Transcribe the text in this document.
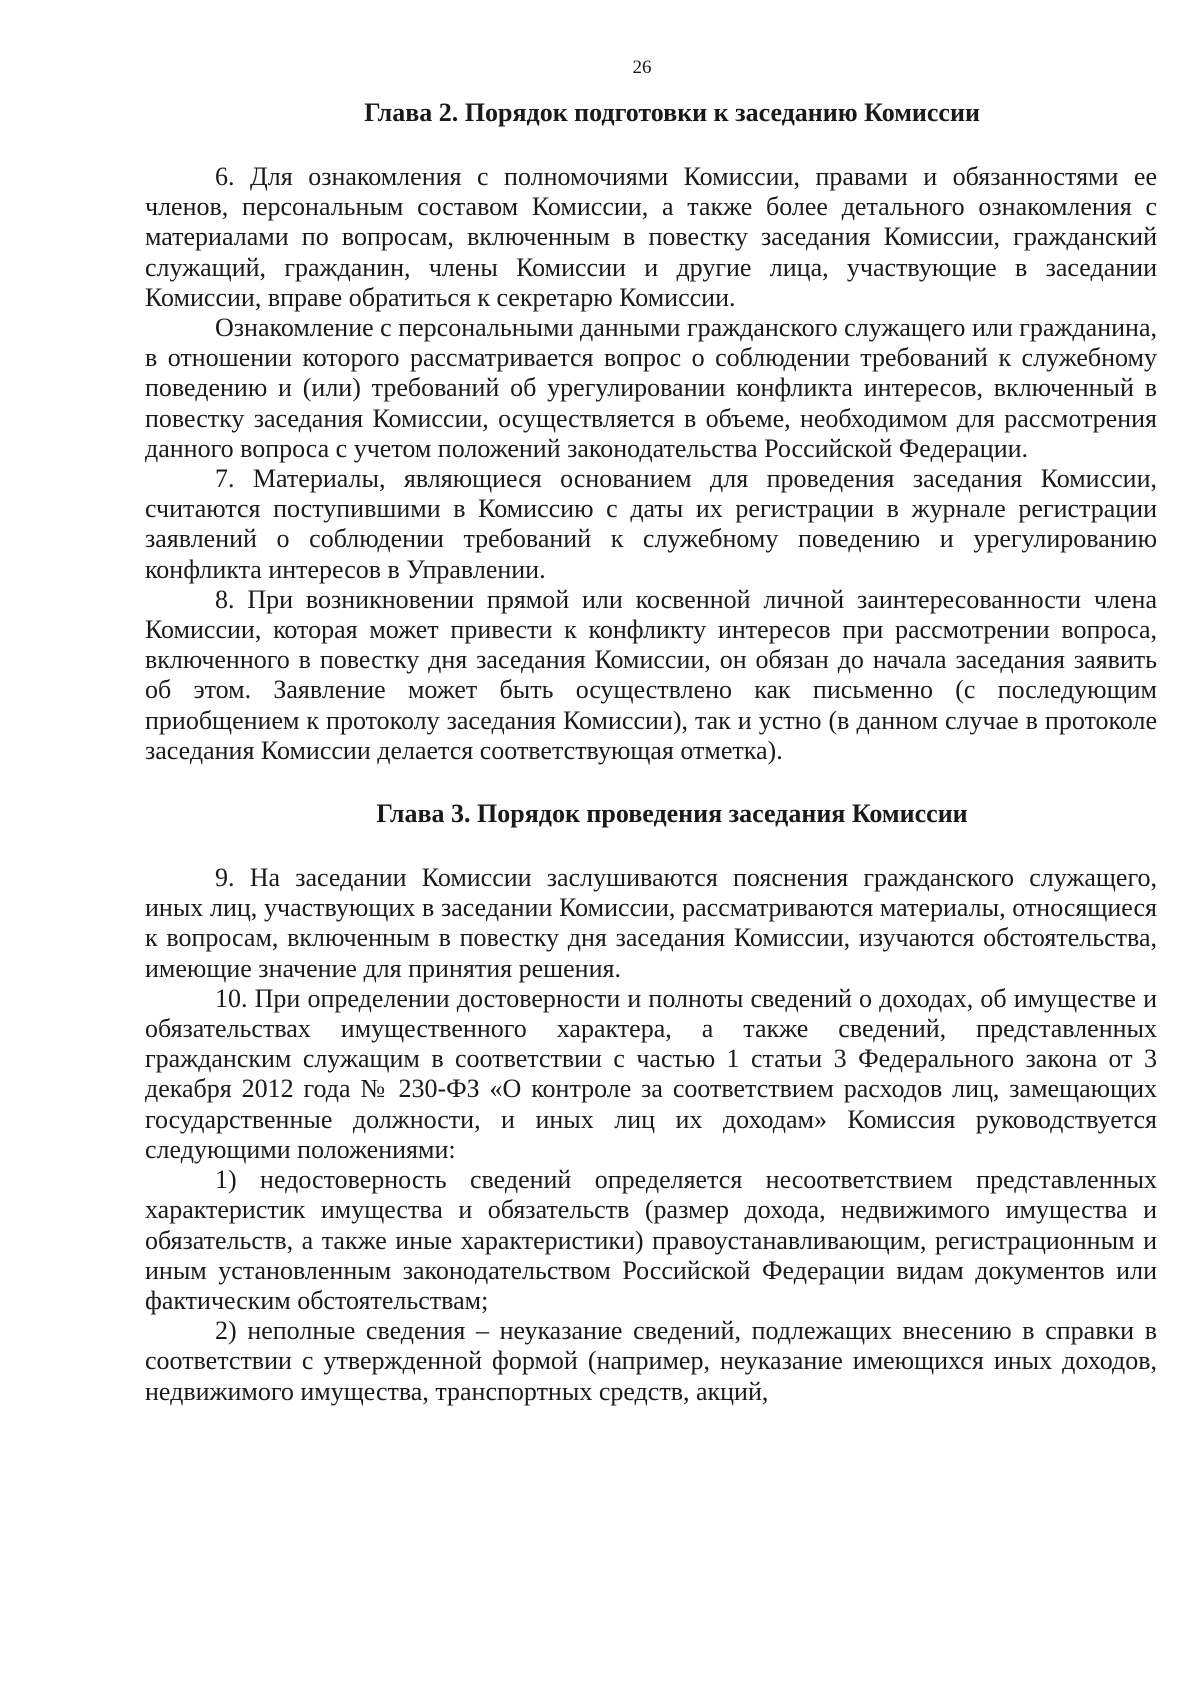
26
Глава 2. Порядок подготовки к заседанию Комиссии

6. Для ознакомления с полномочиями Комиссии, правами и обязанностями ее членов, персональным составом Комиссии, а также более детального ознакомления с материалами по вопросам, включенным в повестку заседания Комиссии, гражданский служащий, гражданин, члены Комиссии и другие лица, участвующие в заседании Комиссии, вправе обратиться к секретарю Комиссии.

Ознакомление с персональными данными гражданского служащего или гражданина, в отношении которого рассматривается вопрос о соблюдении требований к служебному поведению и (или) требований об урегулировании конфликта интересов, включенный в повестку заседания Комиссии, осуществляется в объеме, необходимом для рассмотрения данного вопроса с учетом положений законодательства Российской Федерации.

7. Материалы, являющиеся основанием для проведения заседания Комиссии, считаются поступившими в Комиссию с даты их регистрации в журнале регистрации заявлений о соблюдении требований к служебному поведению и урегулированию конфликта интересов в Управлении.

8. При возникновении прямой или косвенной личной заинтересованности члена Комиссии, которая может привести к конфликту интересов при рассмотрении вопроса, включенного в повестку дня заседания Комиссии, он обязан до начала заседания заявить об этом. Заявление может быть осуществлено как письменно (с последующим приобщением к протоколу заседания Комиссии), так и устно (в данном случае в протоколе заседания Комиссии делается соответствующая отметка).

Глава 3. Порядок проведения заседания Комиссии

9. На заседании Комиссии заслушиваются пояснения гражданского служащего, иных лиц, участвующих в заседании Комиссии, рассматриваются материалы, относящиеся к вопросам, включенным в повестку дня заседания Комиссии, изучаются обстоятельства, имеющие значение для принятия решения.

10. При определении достоверности и полноты сведений о доходах, об имуществе и обязательствах имущественного характера, а также сведений, представленных гражданским служащим в соответствии с частью 1 статьи 3 Федерального закона от 3 декабря 2012 года № 230-ФЗ «О контроле за соответствием расходов лиц, замещающих государственные должности, и иных лиц их доходам» Комиссия руководствуется следующими положениями:

1) недостоверность сведений определяется несоответствием представленных характеристик имущества и обязательств (размер дохода, недвижимого имущества и обязательств, а также иные характеристики) правоустанавливающим, регистрационным и иным установленным законодательством Российской Федерации видам документов или фактическим обстоятельствам;

2) неполные сведения – неуказание сведений, подлежащих внесению в справки в соответствии с утвержденной формой (например, неуказание имеющихся иных доходов, недвижимого имущества, транспортных средств, акций,
